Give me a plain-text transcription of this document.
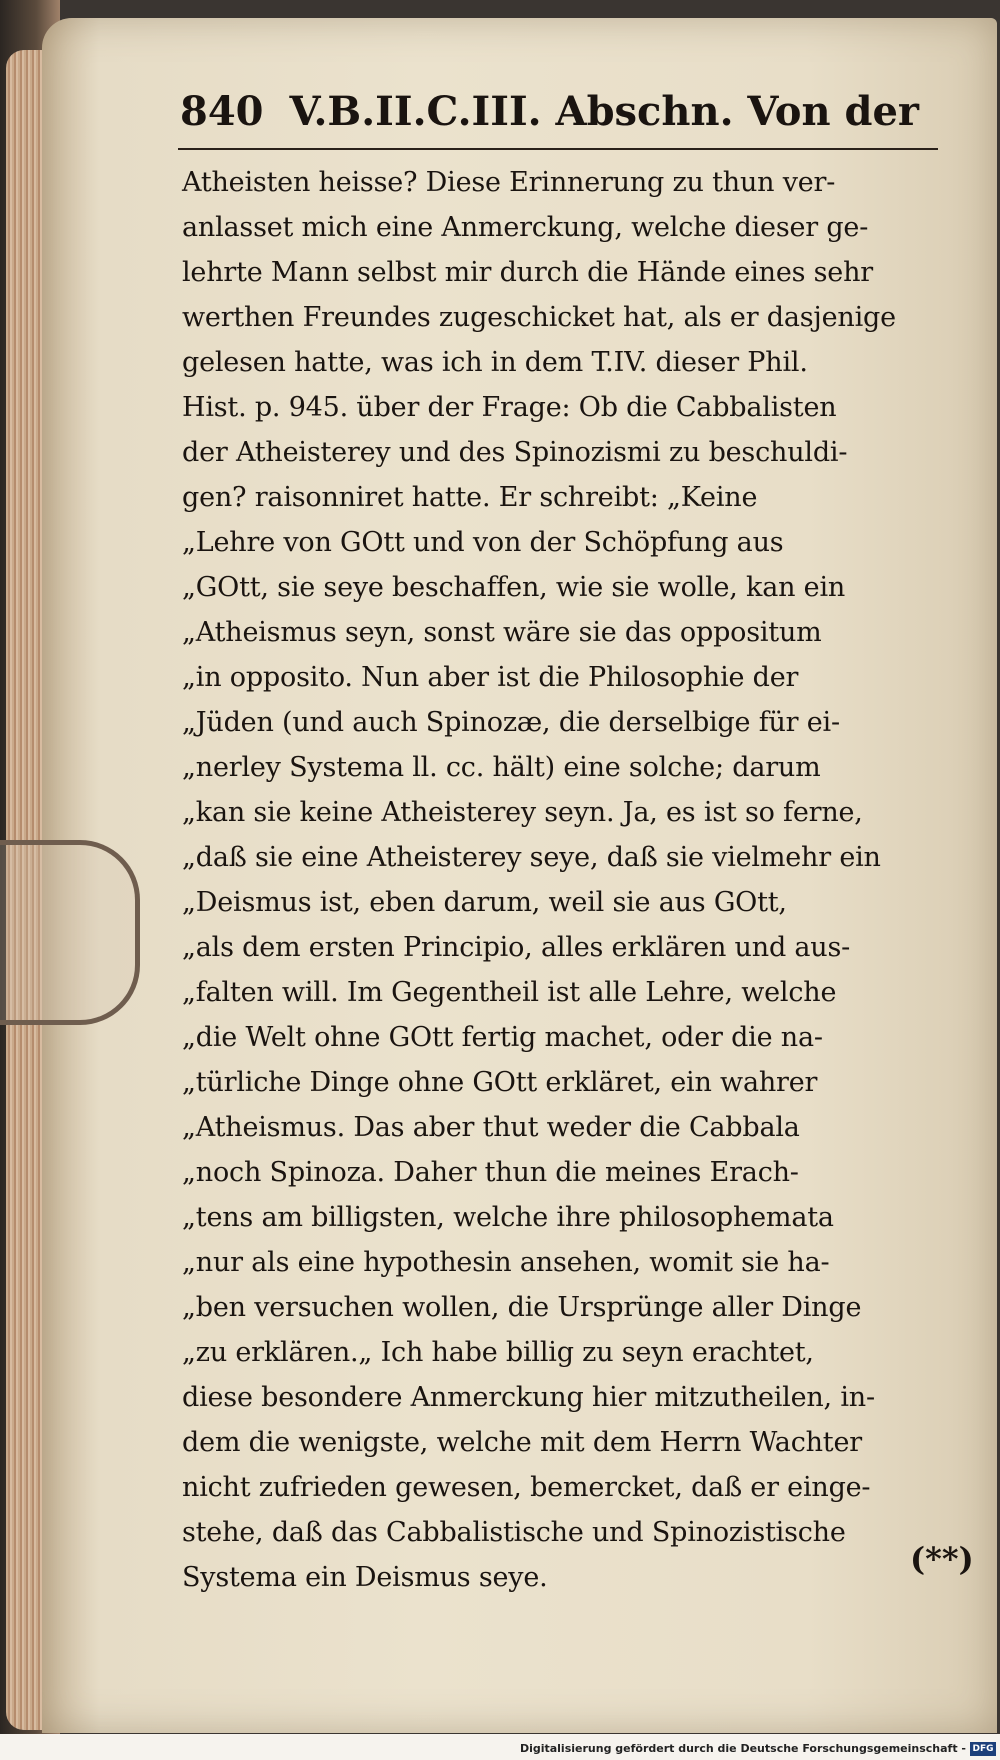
840 V.B.II.C.III. Abschn. Von der
Atheisten heisse? Diese Erinnerung zu thun ver-
anlasset mich eine Anmerckung, welche dieser ge-
lehrte Mann selbst mir durch die Hände eines sehr
werthen Freundes zugeschicket hat, als er dasjenige
gelesen hatte, was ich in dem T.IV. dieser Phil.
Hist. p. 945. über der Frage: Ob die Cabbalisten
der Atheisterey und des Spinozismi zu beschuldi-
gen? raisonniret hatte. Er schreibt: „Keine
„Lehre von GOtt und von der Schöpfung aus
„GOtt, sie seye beschaffen, wie sie wolle, kan ein
„Atheismus seyn, sonst wäre sie das oppositum
„in opposito. Nun aber ist die Philosophie der
„Jüden (und auch Spinozæ, die derselbige für ei-
„nerley Systema ll. cc. hält) eine solche; darum
„kan sie keine Atheisterey seyn. Ja, es ist so ferne,
„daß sie eine Atheisterey seye, daß sie vielmehr ein
„Deismus ist, eben darum, weil sie aus GOtt,
„als dem ersten Principio, alles erklären und aus-
„falten will. Im Gegentheil ist alle Lehre, welche
„die Welt ohne GOtt fertig machet, oder die na-
„türliche Dinge ohne GOtt erkläret, ein wahrer
„Atheismus. Das aber thut weder die Cabbala
„noch Spinoza. Daher thun die meines Erach-
„tens am billigsten, welche ihre philosophemata
„nur als eine hypothesin ansehen, womit sie ha-
„ben versuchen wollen, die Ursprünge aller Dinge
„zu erklären.„ Ich habe billig zu seyn erachtet,
diese besondere Anmerckung hier mitzutheilen, in-
dem die wenigste, welche mit dem Herrn Wachter
nicht zufrieden gewesen, bemercket, daß er einge-
stehe, daß das Cabbalistische und Spinozistische
Systema ein Deismus seye.	(**)
Digitalisierung gefördert durch die Deutsche Forschungsgemeinschaft - DFG
